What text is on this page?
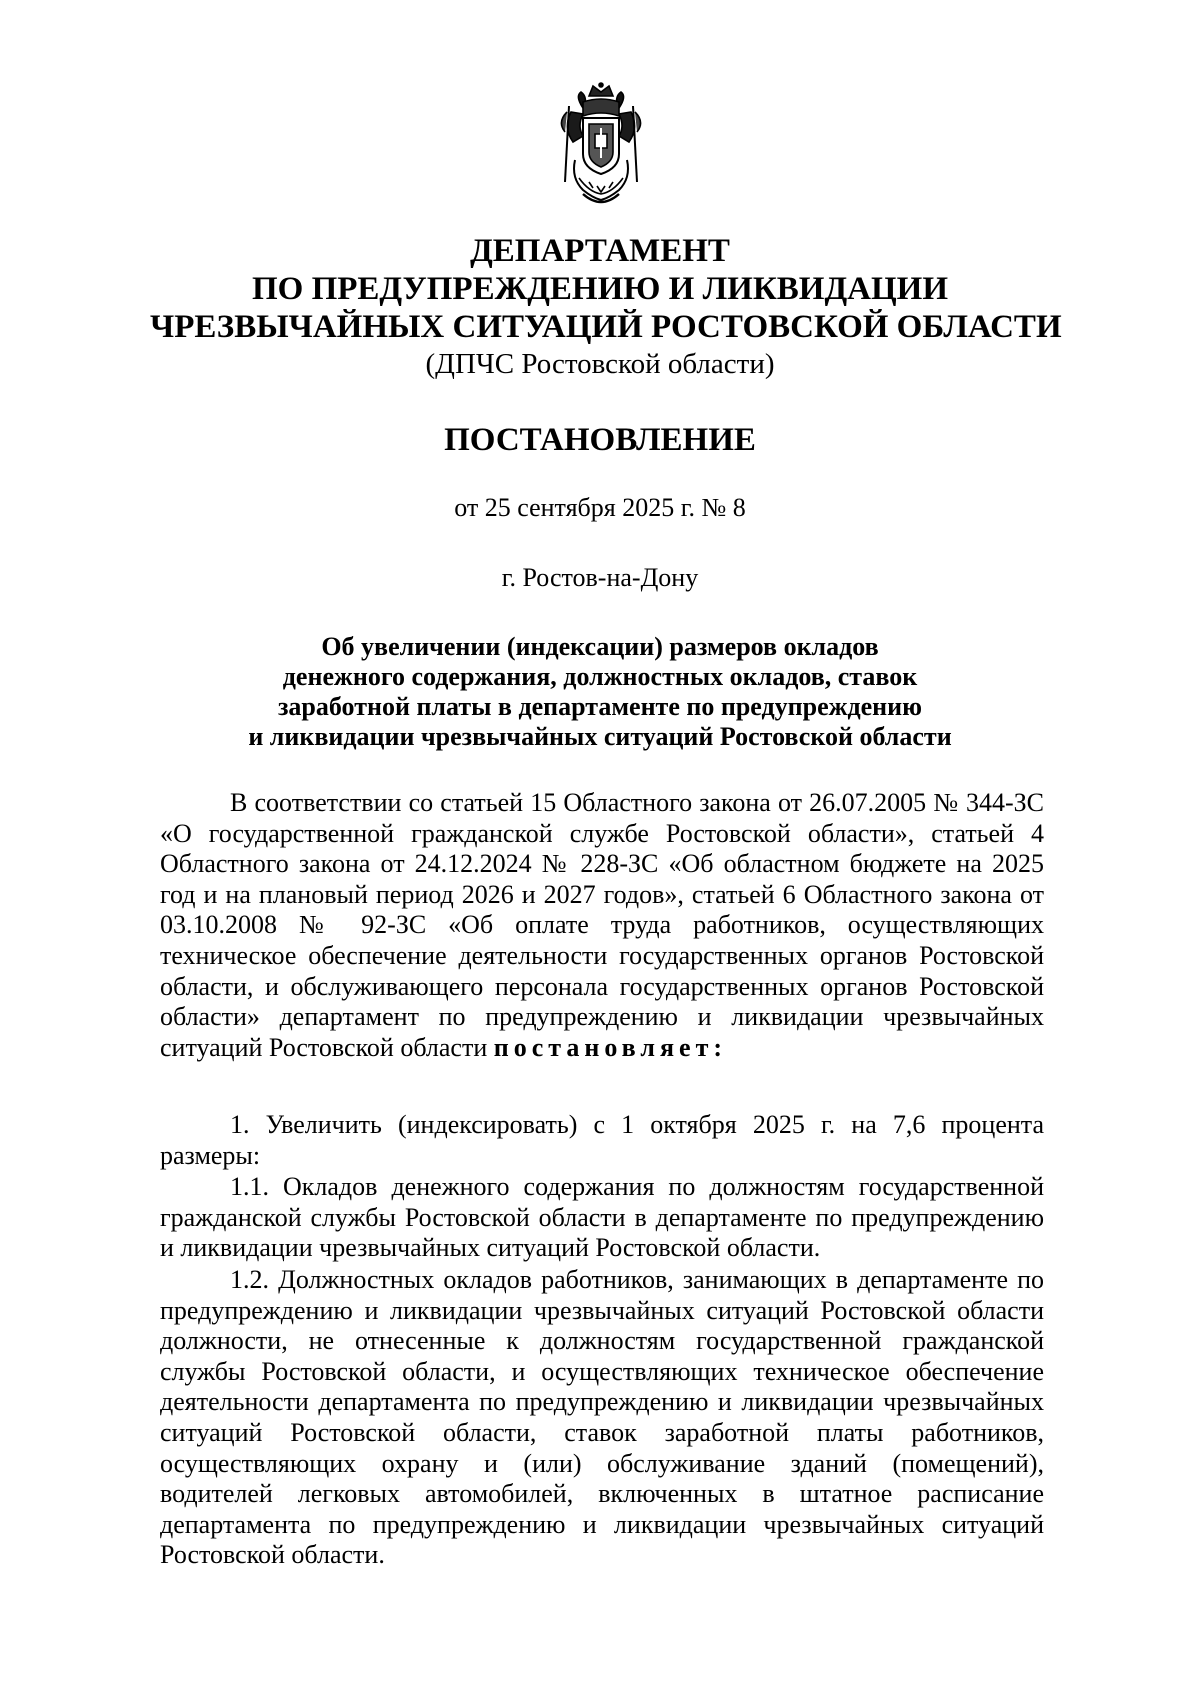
ДЕПАРТАМЕНТ
ПО ПРЕДУПРЕЖДЕНИЮ И ЛИКВИДАЦИИ
ЧРЕЗВЫЧАЙНЫХ СИТУАЦИЙ РОСТОВСКОЙ ОБЛАСТИ
(ДПЧС Ростовской области)
ПОСТАНОВЛЕНИЕ
от 25 сентября 2025 г. № 8
г. Ростов-на-Дону
Об увеличении (индексации) размеров окладов
денежного содержания, должностных окладов, ставок
заработной платы в департаменте по предупреждению
и ликвидации чрезвычайных ситуаций Ростовской области

В соответствии со статьей 15 Областного закона от 26.07.2005 № 344-ЗС «О государственной гражданской службе Ростовской области», статьей 4 Областного закона от 24.12.2024 № 228-ЗС «Об областном бюджете на 2025 год и на плановый период 2026 и 2027 годов», статьей 6 Областного закона от 03.10.2008 № 92-ЗС «Об оплате труда работников, осуществляющих техническое обеспечение деятельности государственных органов Ростовской области, и обслуживающего персонала государственных органов Ростовской области» департамент по предупреждению и ликвидации чрезвычайных ситуаций Ростовской области постановляет:

1. Увеличить (индексировать) с 1 октября 2025 г. на 7,6 процента размеры:

1.1. Окладов денежного содержания по должностям государственной гражданской службы Ростовской области в департаменте по предупреждению и ликвидации чрезвычайных ситуаций Ростовской области.

1.2. Должностных окладов работников, занимающих в департаменте по предупреждению и ликвидации чрезвычайных ситуаций Ростовской области должности, не отнесенные к должностям государственной гражданской службы Ростовской области, и осуществляющих техническое обеспечение деятельности департамента по предупреждению и ликвидации чрезвычайных ситуаций Ростовской области, ставок заработной платы работников, осуществляющих охрану и (или) обслуживание зданий (помещений), водителей легковых автомобилей, включенных в штатное расписание департамента по предупреждению и ликвидации чрезвычайных ситуаций Ростовской области.
